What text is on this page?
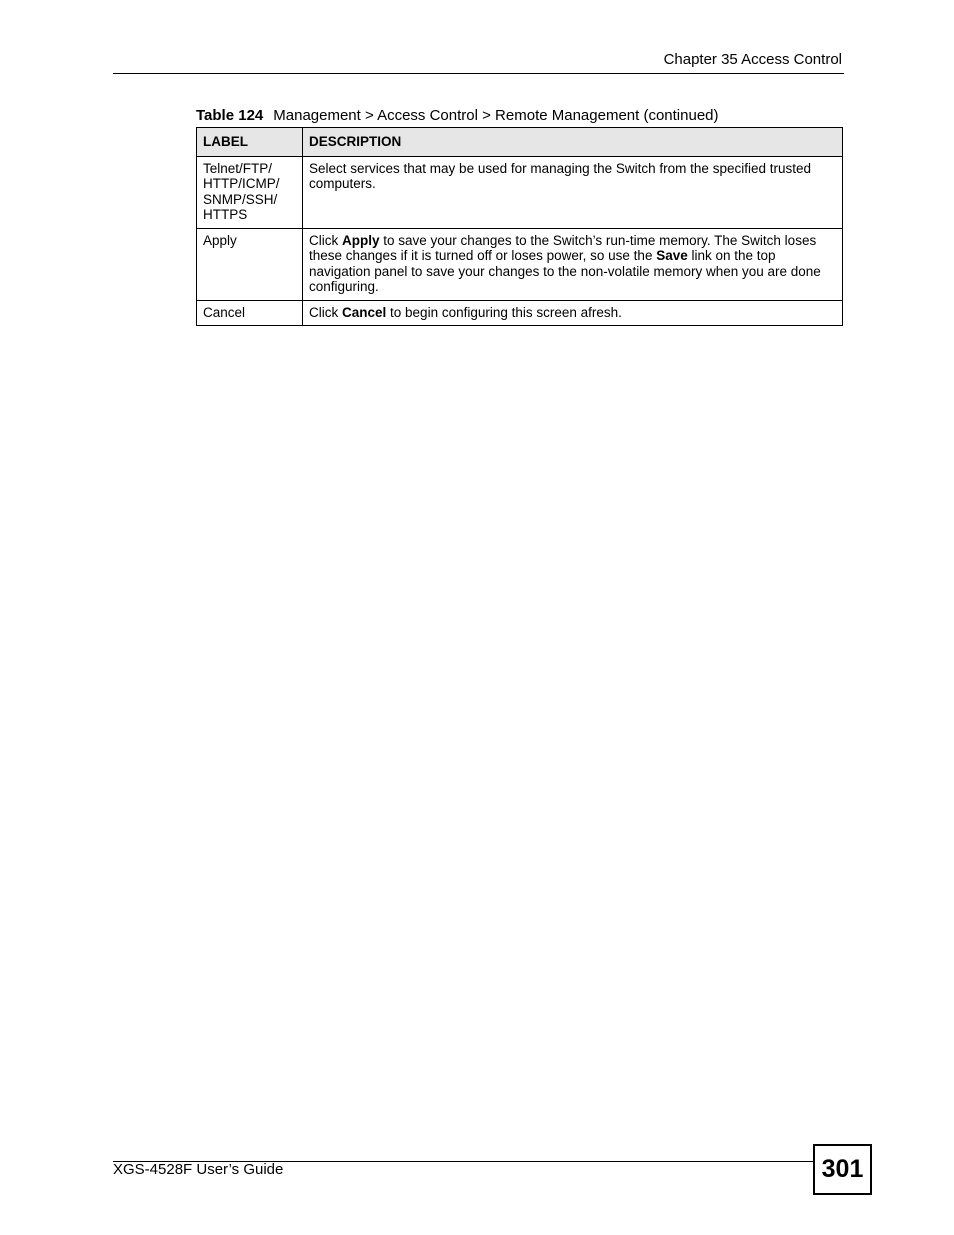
Chapter 35 Access Control
Table 124 Management > Access Control > Remote Management (continued)
LABEL	DESCRIPTION
Telnet/FTP/
HTTP/ICMP/
SNMP/SSH/
HTTPS	Select services that may be used for managing the Switch from the specified trusted computers.
Apply	Click Apply to save your changes to the Switch’s run-time memory. The Switch loses these changes if it is turned off or loses power, so use the Save link on the top navigation panel to save your changes to the non-volatile memory when you are done configuring.
Cancel	Click Cancel to begin configuring this screen afresh.
XGS-4528F User’s Guide	301
